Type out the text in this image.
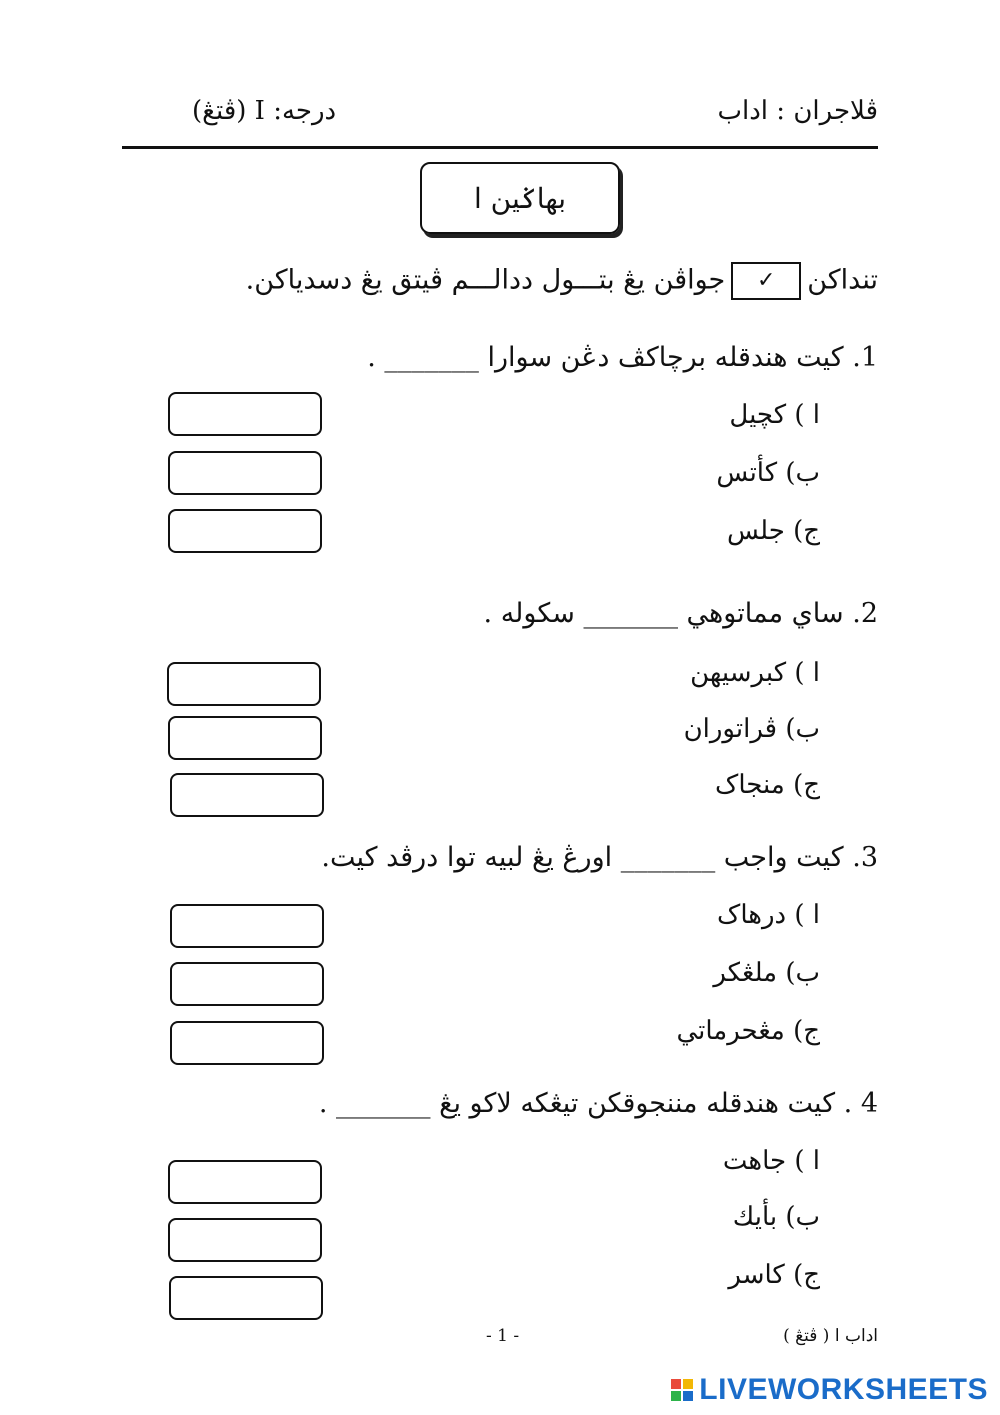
ڤلاجران : اداب
درجه: I (ڤتڠ)
بهاݢين ا
تنداکن✓جواڤن يڠ بتـــول ددالـــم ڤيتق يڠ دسدياکن.
1. کيت هندقله برچاکڤ دڠن سوارا _______ .
ا ) کچيل
ب) کأتس
ج) جلس
2. ساي مماتوهي _______ سکوله .
ا ) کبرسيهن
ب) ڤراتوران
ج) منجاک
3. کيت واجب _______ اورڠ يڠ لبيه توا درڤد کيت.
ا ) درهاک
ب) ملڠکر
ج) مڠحرماتي
4 . کيت هندقله مننجوقکن تيڠکه لاکو يڠ _______ .
ا ) جاهت
ب) بأيك
ج) کاسر
- 1 -	اداب ا ( ڤتڠ )
LIVEWORKSHEETS
